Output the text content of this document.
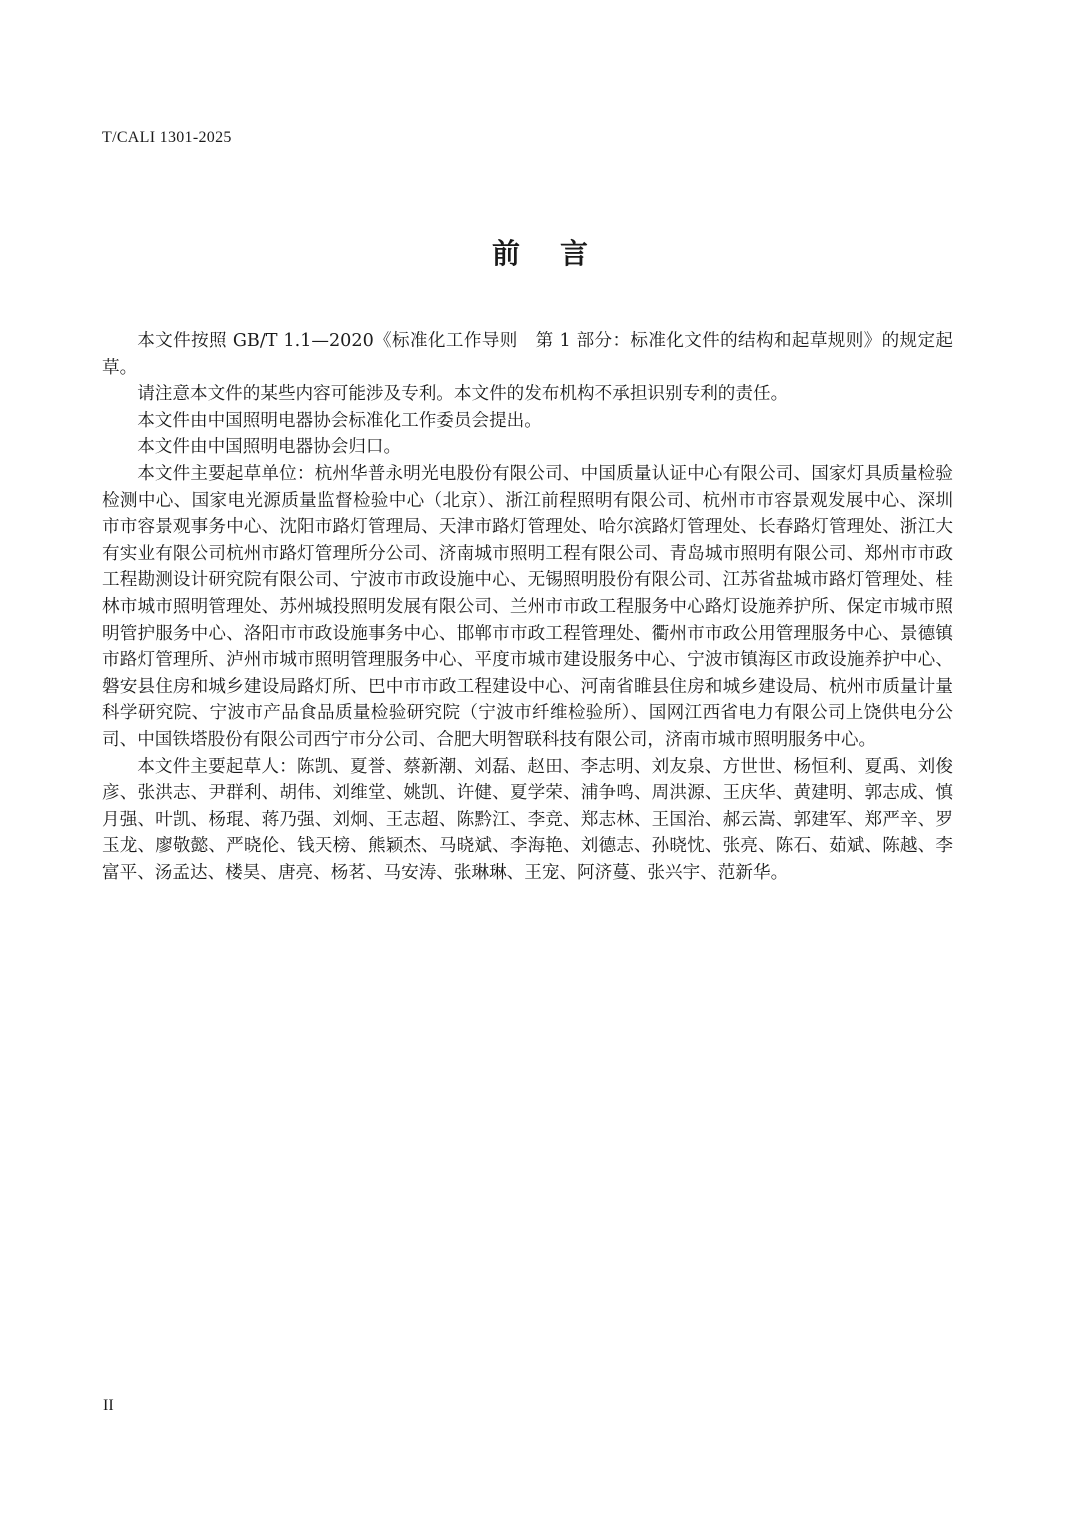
T/CALI 1301-2025
前言

本文件按照 GB/T 1.1—2020《标准化工作导则　第 1 部分：标准化文件的结构和起草规则》的规定起草。

请注意本文件的某些内容可能涉及专利。本文件的发布机构不承担识别专利的责任。

本文件由中国照明电器协会标准化工作委员会提出。

本文件由中国照明电器协会归口。

本文件主要起草单位：杭州华普永明光电股份有限公司、中国质量认证中心有限公司、国家灯具质量检验检测中心、国家电光源质量监督检验中心（北京）、浙江前程照明有限公司、杭州市市容景观发展中心、深圳市市容景观事务中心、沈阳市路灯管理局、天津市路灯管理处、哈尔滨路灯管理处、长春路灯管理处、浙江大有实业有限公司杭州市路灯管理所分公司、济南城市照明工程有限公司、青岛城市照明有限公司、郑州市市政工程勘测设计研究院有限公司、宁波市市政设施中心、无锡照明股份有限公司、江苏省盐城市路灯管理处、桂林市城市照明管理处、苏州城投照明发展有限公司、兰州市市政工程服务中心路灯设施养护所、保定市城市照明管护服务中心、洛阳市市政设施事务中心、邯郸市市政工程管理处、衢州市市政公用管理服务中心、景德镇市路灯管理所、泸州市城市照明管理服务中心、平度市城市建设服务中心、宁波市镇海区市政设施养护中心、磐安县住房和城乡建设局路灯所、巴中市市政工程建设中心、河南省睢县住房和城乡建设局、杭州市质量计量科学研究院、宁波市产品食品质量检验研究院（宁波市纤维检验所）、国网江西省电力有限公司上饶供电分公司、中国铁塔股份有限公司西宁市分公司、合肥大明智联科技有限公司，济南市城市照明服务中心。

本文件主要起草人：陈凯、夏誉、蔡新潮、刘磊、赵田、李志明、刘友泉、方世世、杨恒利、夏禹、刘俊彦、张洪志、尹群利、胡伟、刘维堂、姚凯、许健、夏学荣、浦争鸣、周洪源、王庆华、黄建明、郭志成、慎月强、叶凯、杨琨、蒋乃强、刘炯、王志超、陈黔江、李竞、郑志林、王国治、郝云嵩、郭建军、郑严辛、罗玉龙、廖敬懿、严晓伦、钱天榜、熊颖杰、马晓斌、李海艳、刘德志、孙晓忱、张亮、陈石、茹斌、陈越、李富平、汤孟达、楼昊、唐亮、杨茗、马安涛、张琳琳、王宠、阿济蔓、张兴宇、范新华。

II
